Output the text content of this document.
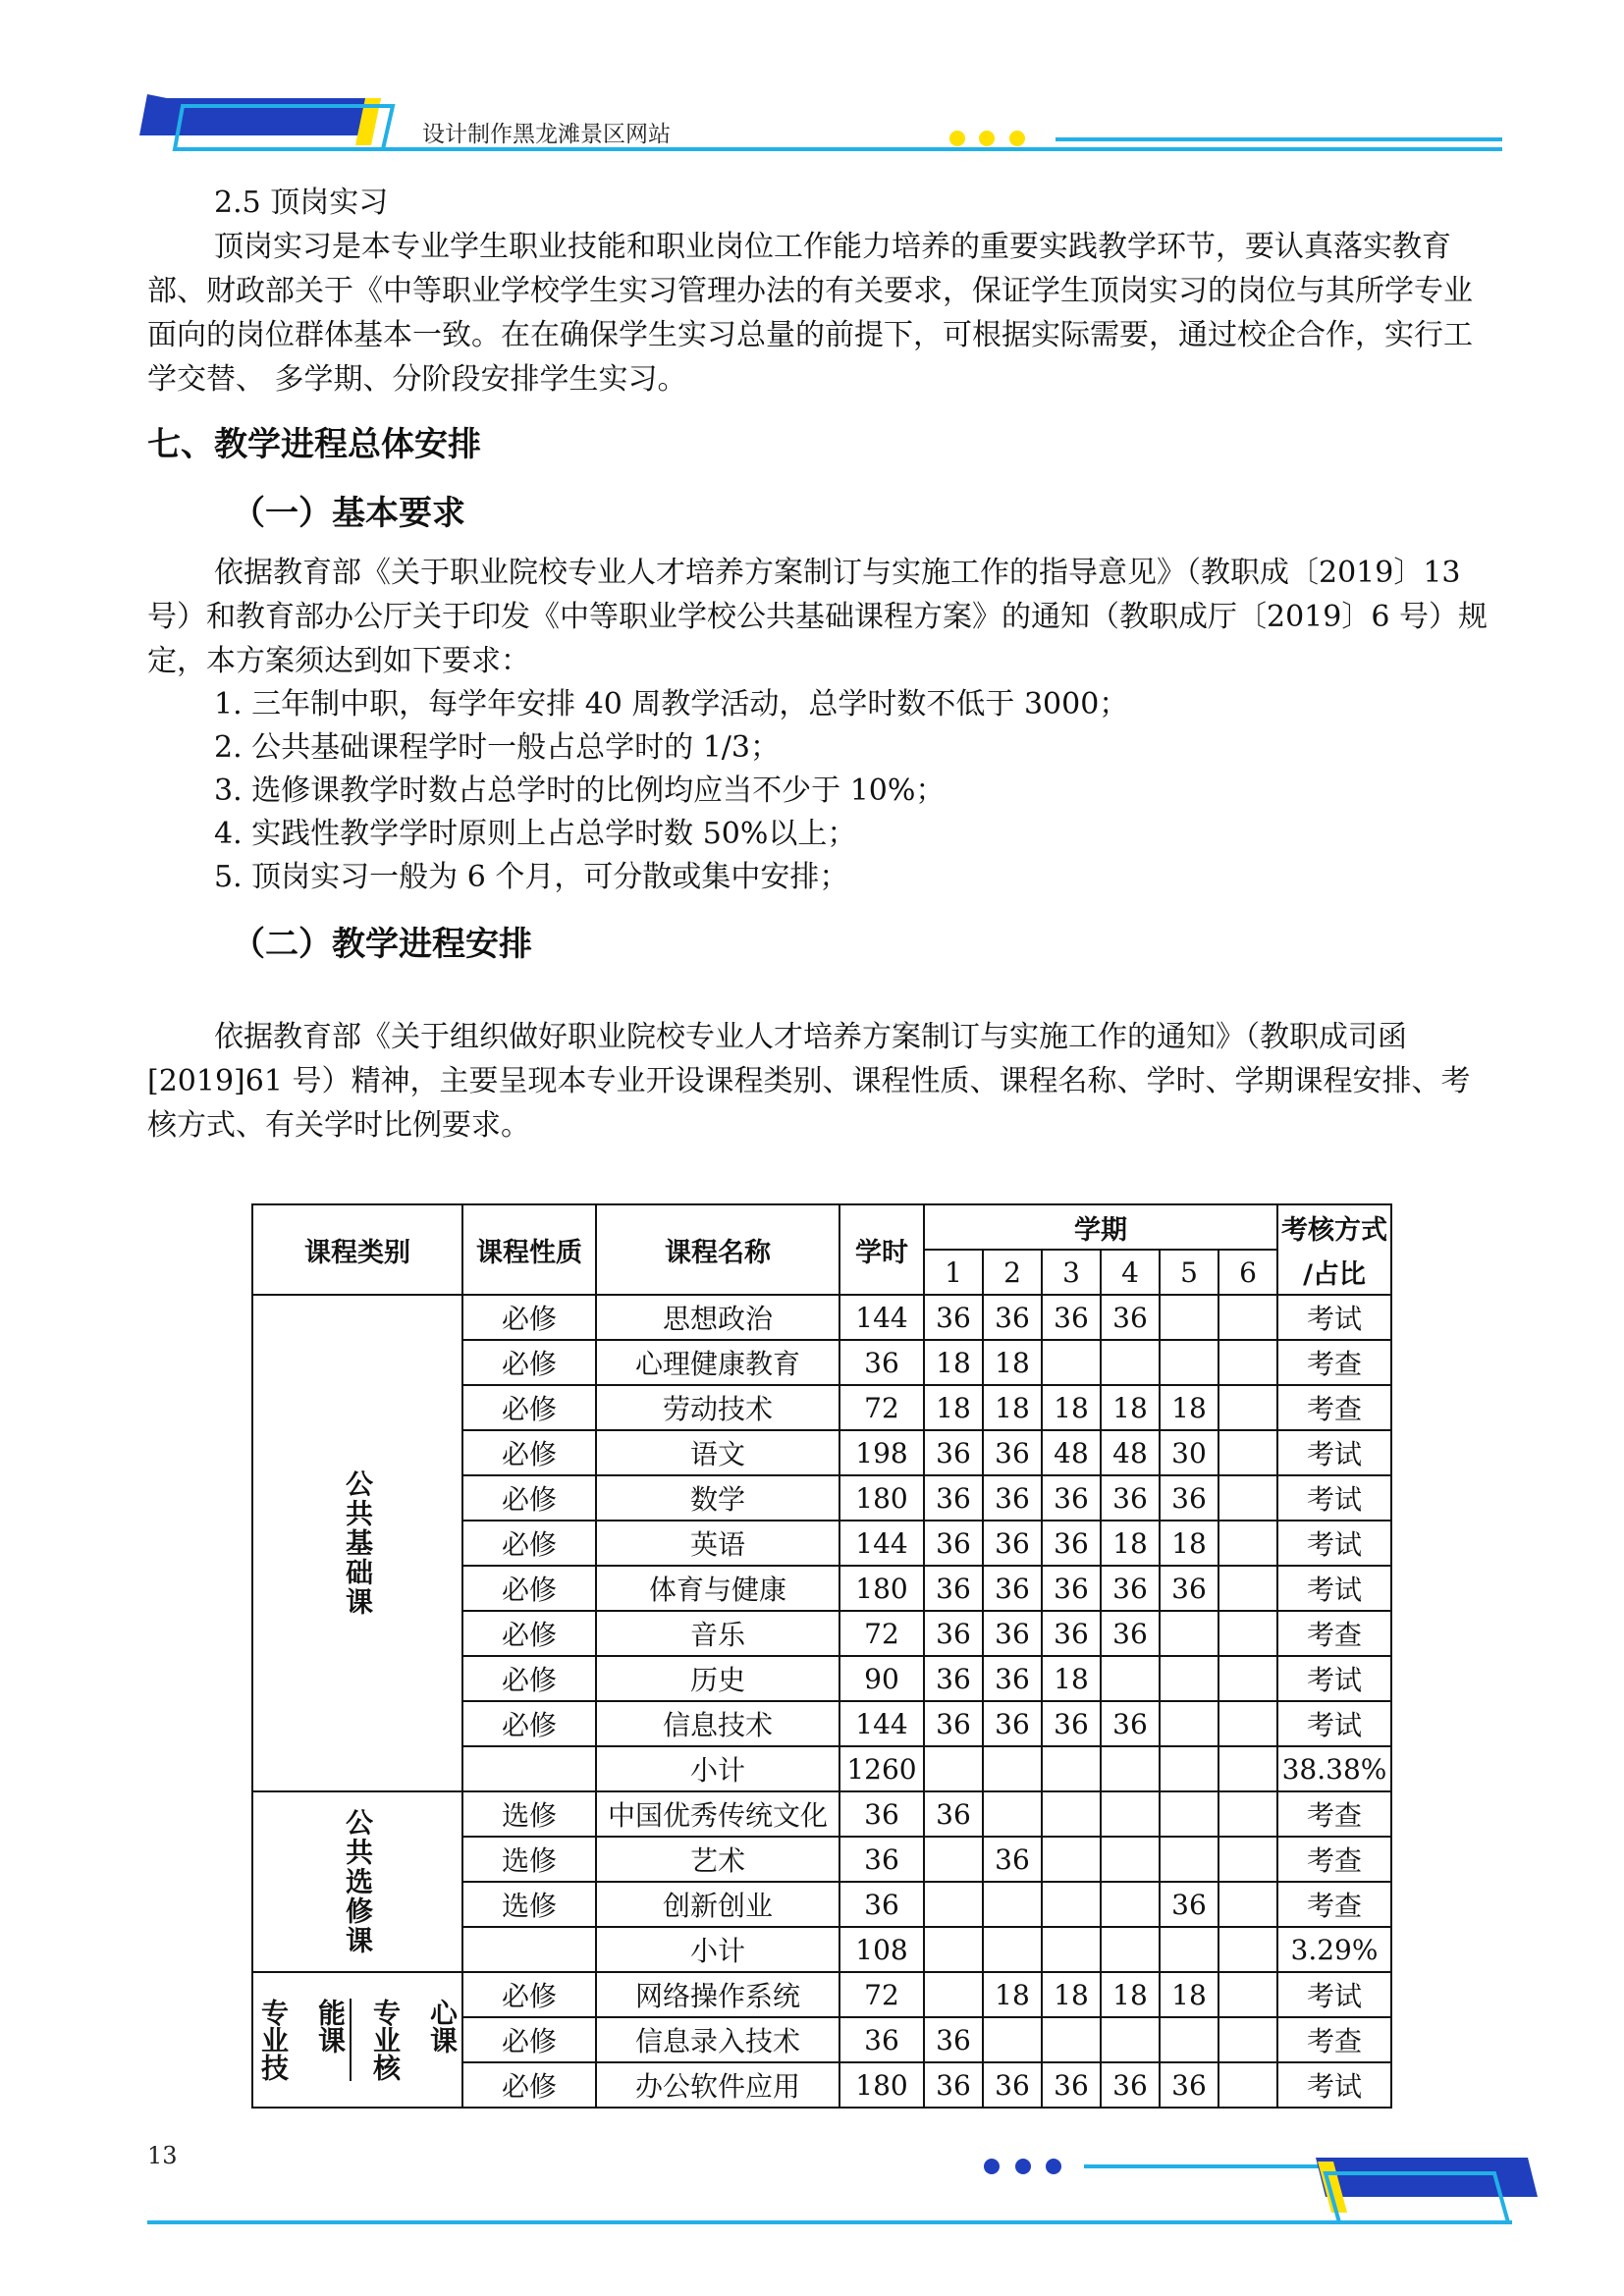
设计制作黑龙滩景区网站

2.5 顶岗实习

顶岗实习是本专业学生职业技能和职业岗位工作能力培养的重要实践教学环节，要认真落实教育部、财政部关于《中等职业学校学生实习管理办法的有关要求，保证学生顶岗实习的岗位与其所学专业面向的岗位群体基本一致。在在确保学生实习总量的前提下，可根据实际需要，通过校企合作，实行工学交替、 多学期、分阶段安排学生实习。

七、教学进程总体安排
（一）基本要求

依据教育部《关于职业院校专业人才培养方案制订与实施工作的指导意见》（教职成〔2019〕13 号）和教育部办公厅关于印发《中等职业学校公共基础课程方案》的通知（教职成厅〔2019〕6 号）规定，本方案须达到如下要求：

1. 三年制中职，每学年安排 40 周教学活动，总学时数不低于 3000；
2. 公共基础课程学时一般占总学时的 1/3；
3. 选修课教学时数占总学时的比例均应当不少于 10%；
4. 实践性教学学时原则上占总学时数 50%以上；
5. 顶岗实习一般为 6 个月，可分散或集中安排；
（二）教学进程安排

依据教育部《关于组织做好职业院校专业人才培养方案制订与实施工作的通知》（教职成司函[2019]61 号）精神，主要呈现本专业开设课程类别、课程性质、课程名称、学时、学期课程安排、考核方式、有关学时比例要求。

课程类别	课程性质	课程名称	学时	学期						考核方式
				1	2	3	4	5	6	/占比

公共基础课	必修	思想政治	144	36	36	36	36			考试
	必修	心理健康教育	36	18	18					考查
	必修	劳动技术	72	18	18	18	18	18		考查
	必修	语文	198	36	36	48	48	30		考试
	必修	数学	180	36	36	36	36	36		考试
	必修	英语	144	36	36	36	18	18		考试
	必修	体育与健康	180	36	36	36	36	36		考试
	必修	音乐	72	36	36	36	36			考查
	必修	历史	90	36	36	18				考试
	必修	信息技术	144	36	36	36	36			考试
		小计	1260							38.38%

公共选修课	选修	中国优秀传统文化	36	36						考查
	选修	艺术	36		36					考查
	选修	创新创业	36					36		考查
		小计	108							3.29%

能课
专业技 心课
专业核	必修	网络操作系统	72		18	18	18	18		考试
	必修	信息录入技术	36	36						考查
	必修	办公软件应用	180	36	36	36	36	36		考试
13
